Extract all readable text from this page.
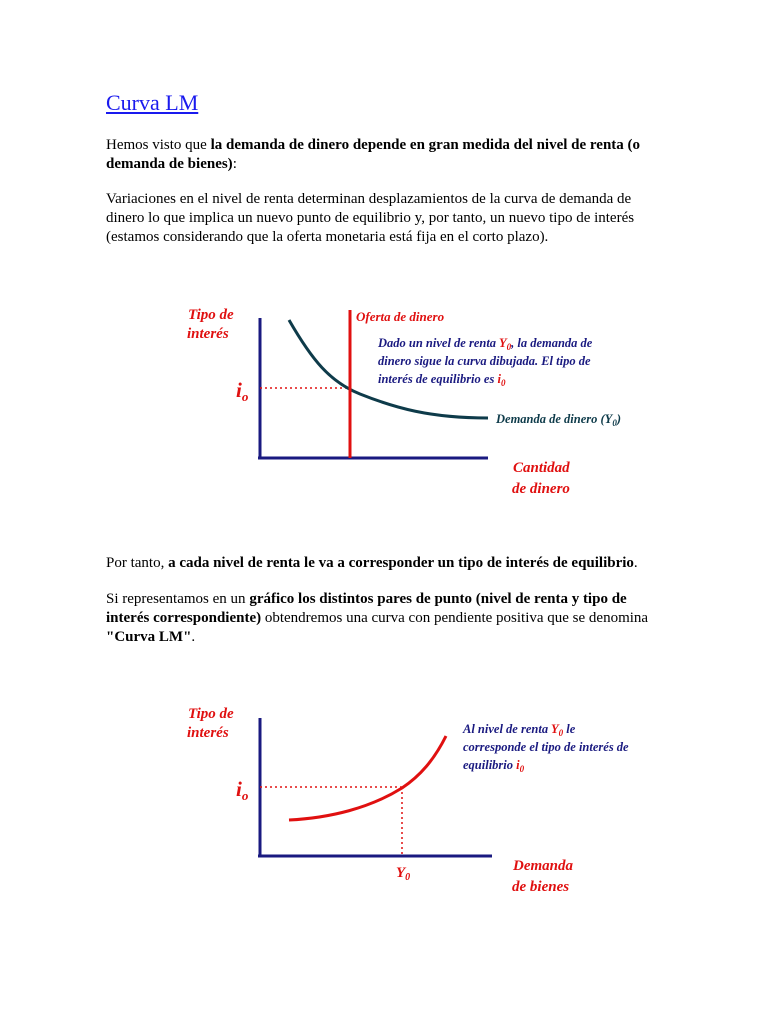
Curva LM

Hemos visto que la demanda de dinero depende en gran medida del nivel de renta (o demanda de bienes):

Variaciones en el nivel de renta determinan desplazamientos de la curva de demanda de dinero lo que implica un nuevo punto de equilibrio y, por tanto, un nuevo tipo de interés (estamos considerando que la oferta monetaria está fija en el corto plazo).

Tipo de
interés
io
Oferta de dinero
Dado un nivel de renta $Y_0$, la demanda de
dinero sigue la curva dibujada. El tipo de
interés de equilibrio es $i_0$
Demanda de dinero $(Y_0)$
Cantidad
de dinero

Por tanto, a cada nivel de renta le va a corresponder un tipo de interés de equilibrio.

Si representamos en un gráfico los distintos pares de punto (nivel de renta y tipo de interés correspondiente) obtendremos una curva con pendiente positiva que se denomina "Curva LM".

Tipo de
interés
io
Al nivel de renta $Y_0$ le
corresponde el tipo de interés de
equilibrio $i_0$
$Y_0$
Demanda
de bienes
